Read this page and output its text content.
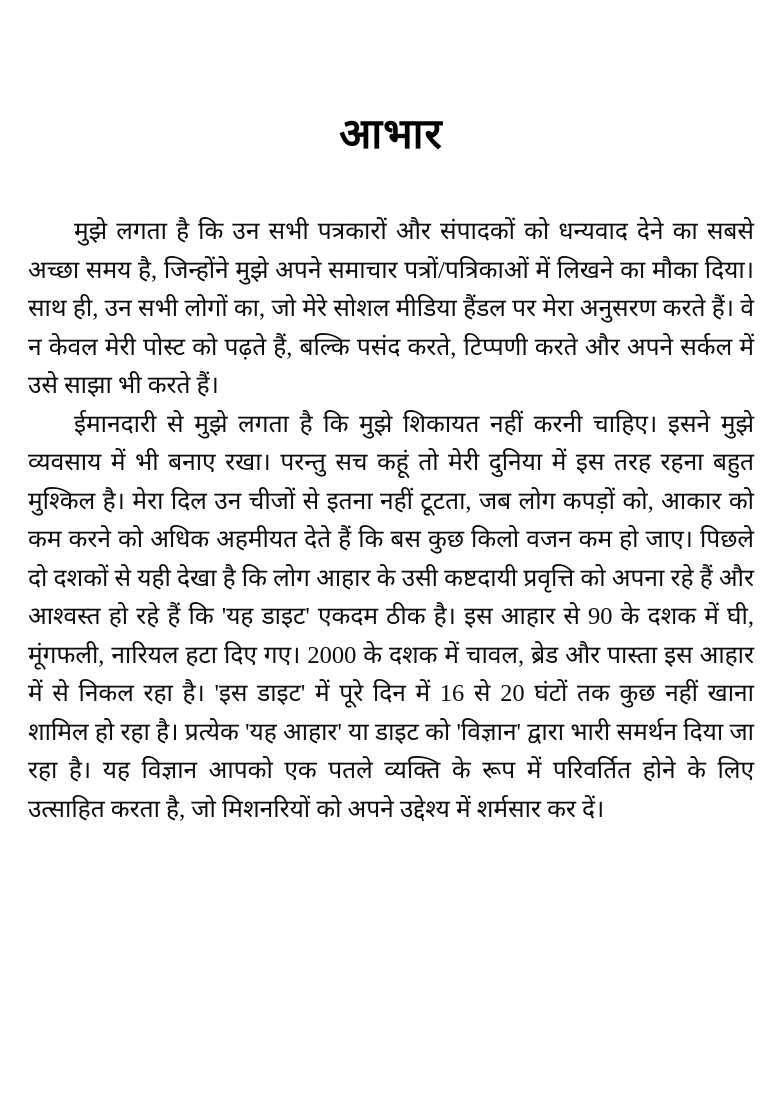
आभार

मुझे लगता है कि उन सभी पत्रकारों और संपादकों को धन्यवाद देने का सबसे अच्छा समय है, जिन्होंने मुझे अपने समाचार पत्रों/पत्रिकाओं में लिखने का मौका दिया। साथ ही, उन सभी लोगों का, जो मेरे सोशल मीडिया हैंडल पर मेरा अनुसरण करते हैं। वे न केवल मेरी पोस्ट को पढ़ते हैं, बल्कि पसंद करते, टिप्पणी करते और अपने सर्कल में उसे साझा भी करते हैं।

ईमानदारी से मुझे लगता है कि मुझे शिकायत नहीं करनी चाहिए। इसने मुझे व्यवसाय में भी बनाए रखा। परन्तु सच कहूं तो मेरी दुनिया में इस तरह रहना बहुत मुश्किल है। मेरा दिल उन चीजों से इतना नहीं टूटता, जब लोग कपड़ों को, आकार को कम करने को अधिक अहमीयत देते हैं कि बस कुछ किलो वजन कम हो जाए। पिछले दो दशकों से यही देखा है कि लोग आहार के उसी कष्टदायी प्रवृत्ति को अपना रहे हैं और आश्वस्त हो रहे हैं कि 'यह डाइट' एकदम ठीक है। इस आहार से 90 के दशक में घी, मूंगफली, नारियल हटा दिए गए। 2000 के दशक में चावल, ब्रेड और पास्ता इस आहार में से निकल रहा है। 'इस डाइट' में पूरे दिन में 16 से 20 घंटों तक कुछ नहीं खाना शामिल हो रहा है। प्रत्येक 'यह आहार' या डाइट को 'विज्ञान' द्वारा भारी समर्थन दिया जा रहा है। यह विज्ञान आपको एक पतले व्यक्ति के रूप में परिवर्तित होने के लिए उत्साहित करता है, जो मिशनरियों को अपने उद्देश्य में शर्मसार कर दें।
